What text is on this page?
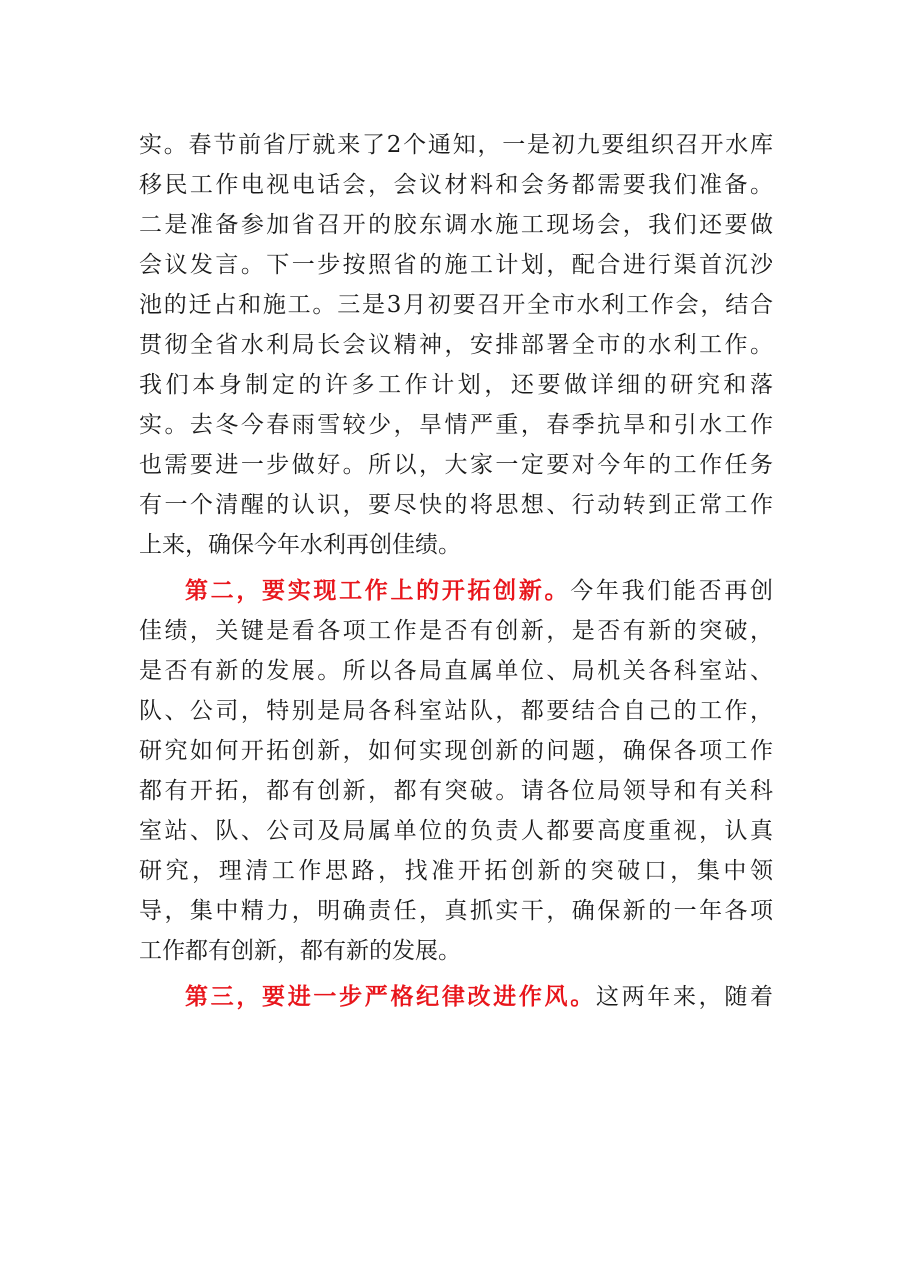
实。春节前省厅就来了2个通知，一是初九要组织召开水库
移民工作电视电话会，会议材料和会务都需要我们准备。
二是准备参加省召开的胶东调水施工现场会，我们还要做
会议发言。下一步按照省的施工计划，配合进行渠首沉沙
池的迁占和施工。三是3月初要召开全市水利工作会，结合
贯彻全省水利局长会议精神，安排部署全市的水利工作。
我们本身制定的许多工作计划，还要做详细的研究和落
实。去冬今春雨雪较少，旱情严重，春季抗旱和引水工作
也需要进一步做好。所以，大家一定要对今年的工作任务
有一个清醒的认识，要尽快的将思想、行动转到正常工作
上来，确保今年水利再创佳绩。
第二，要实现工作上的开拓创新。今年我们能否再创
佳绩，关键是看各项工作是否有创新，是否有新的突破，
是否有新的发展。所以各局直属单位、局机关各科室站、
队、公司，特别是局各科室站队，都要结合自己的工作，
研究如何开拓创新，如何实现创新的问题，确保各项工作
都有开拓，都有创新，都有突破。请各位局领导和有关科
室站、队、公司及局属单位的负责人都要高度重视，认真
研究，理清工作思路，找准开拓创新的突破口，集中领
导，集中精力，明确责任，真抓实干，确保新的一年各项
工作都有创新，都有新的发展。
第三，要进一步严格纪律改进作风。这两年来，随着
